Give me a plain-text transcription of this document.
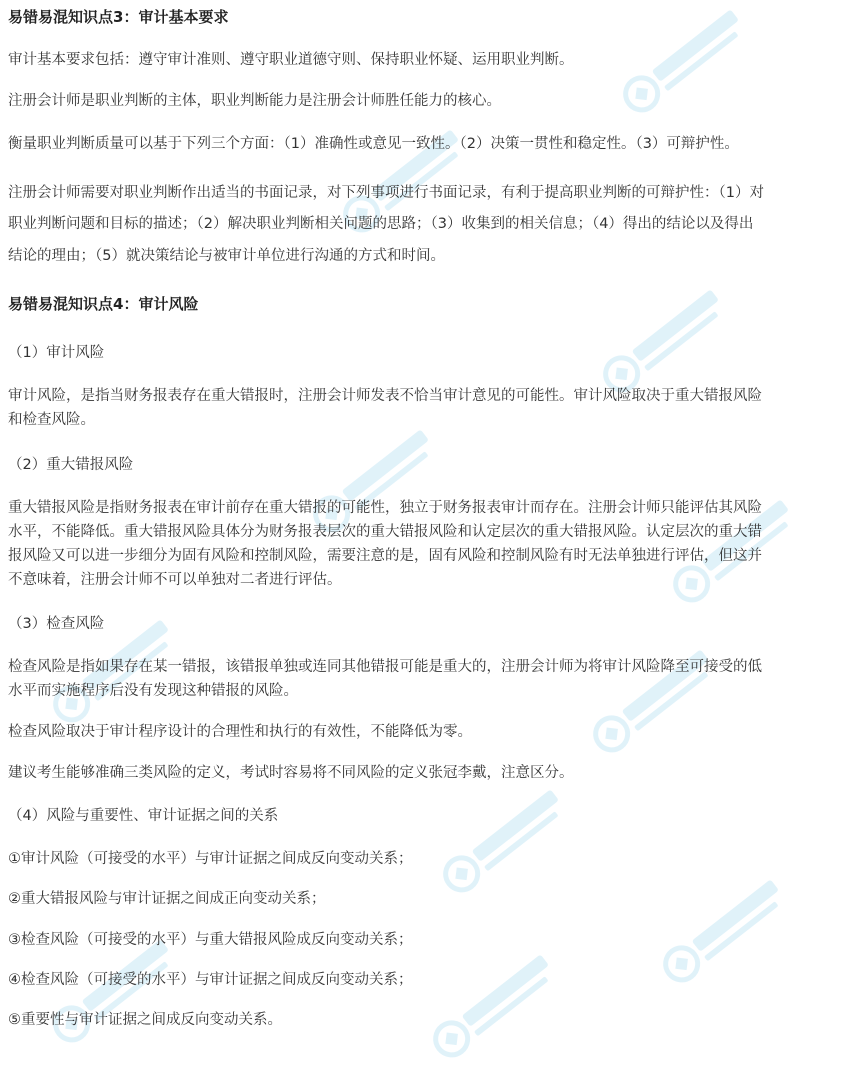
易错易混知识点3：审计基本要求
审计基本要求包括：遵守审计准则、遵守职业道德守则、保持职业怀疑、运用职业判断。
注册会计师是职业判断的主体，职业判断能力是注册会计师胜任能力的核心。
衡量职业判断质量可以基于下列三个方面：（1）准确性或意见一致性。（2）决策一贯性和稳定性。（3）可辩护性。
注册会计师需要对职业判断作出适当的书面记录，对下列事项进行书面记录，有利于提高职业判断的可辩护性：（1）对
职业判断问题和目标的描述；（2）解决职业判断相关问题的思路；（3）收集到的相关信息；（4）得出的结论以及得出
结论的理由；（5）就决策结论与被审计单位进行沟通的方式和时间。
易错易混知识点4：审计风险
（1）审计风险
审计风险，是指当财务报表存在重大错报时，注册会计师发表不恰当审计意见的可能性。审计风险取决于重大错报风险
和检查风险。
（2）重大错报风险
重大错报风险是指财务报表在审计前存在重大错报的可能性，独立于财务报表审计而存在。注册会计师只能评估其风险
水平，不能降低。重大错报风险具体分为财务报表层次的重大错报风险和认定层次的重大错报风险。认定层次的重大错
报风险又可以进一步细分为固有风险和控制风险，需要注意的是，固有风险和控制风险有时无法单独进行评估，但这并
不意味着，注册会计师不可以单独对二者进行评估。
（3）检查风险
检查风险是指如果存在某一错报，该错报单独或连同其他错报可能是重大的，注册会计师为将审计风险降至可接受的低
水平而实施程序后没有发现这种错报的风险。
检查风险取决于审计程序设计的合理性和执行的有效性，不能降低为零。
建议考生能够准确三类风险的定义，考试时容易将不同风险的定义张冠李戴，注意区分。
（4）风险与重要性、审计证据之间的关系
①审计风险（可接受的水平）与审计证据之间成反向变动关系；
②重大错报风险与审计证据之间成正向变动关系；
③检查风险（可接受的水平）与重大错报风险成反向变动关系；
④检查风险（可接受的水平）与审计证据之间成反向变动关系；
⑤重要性与审计证据之间成反向变动关系。
